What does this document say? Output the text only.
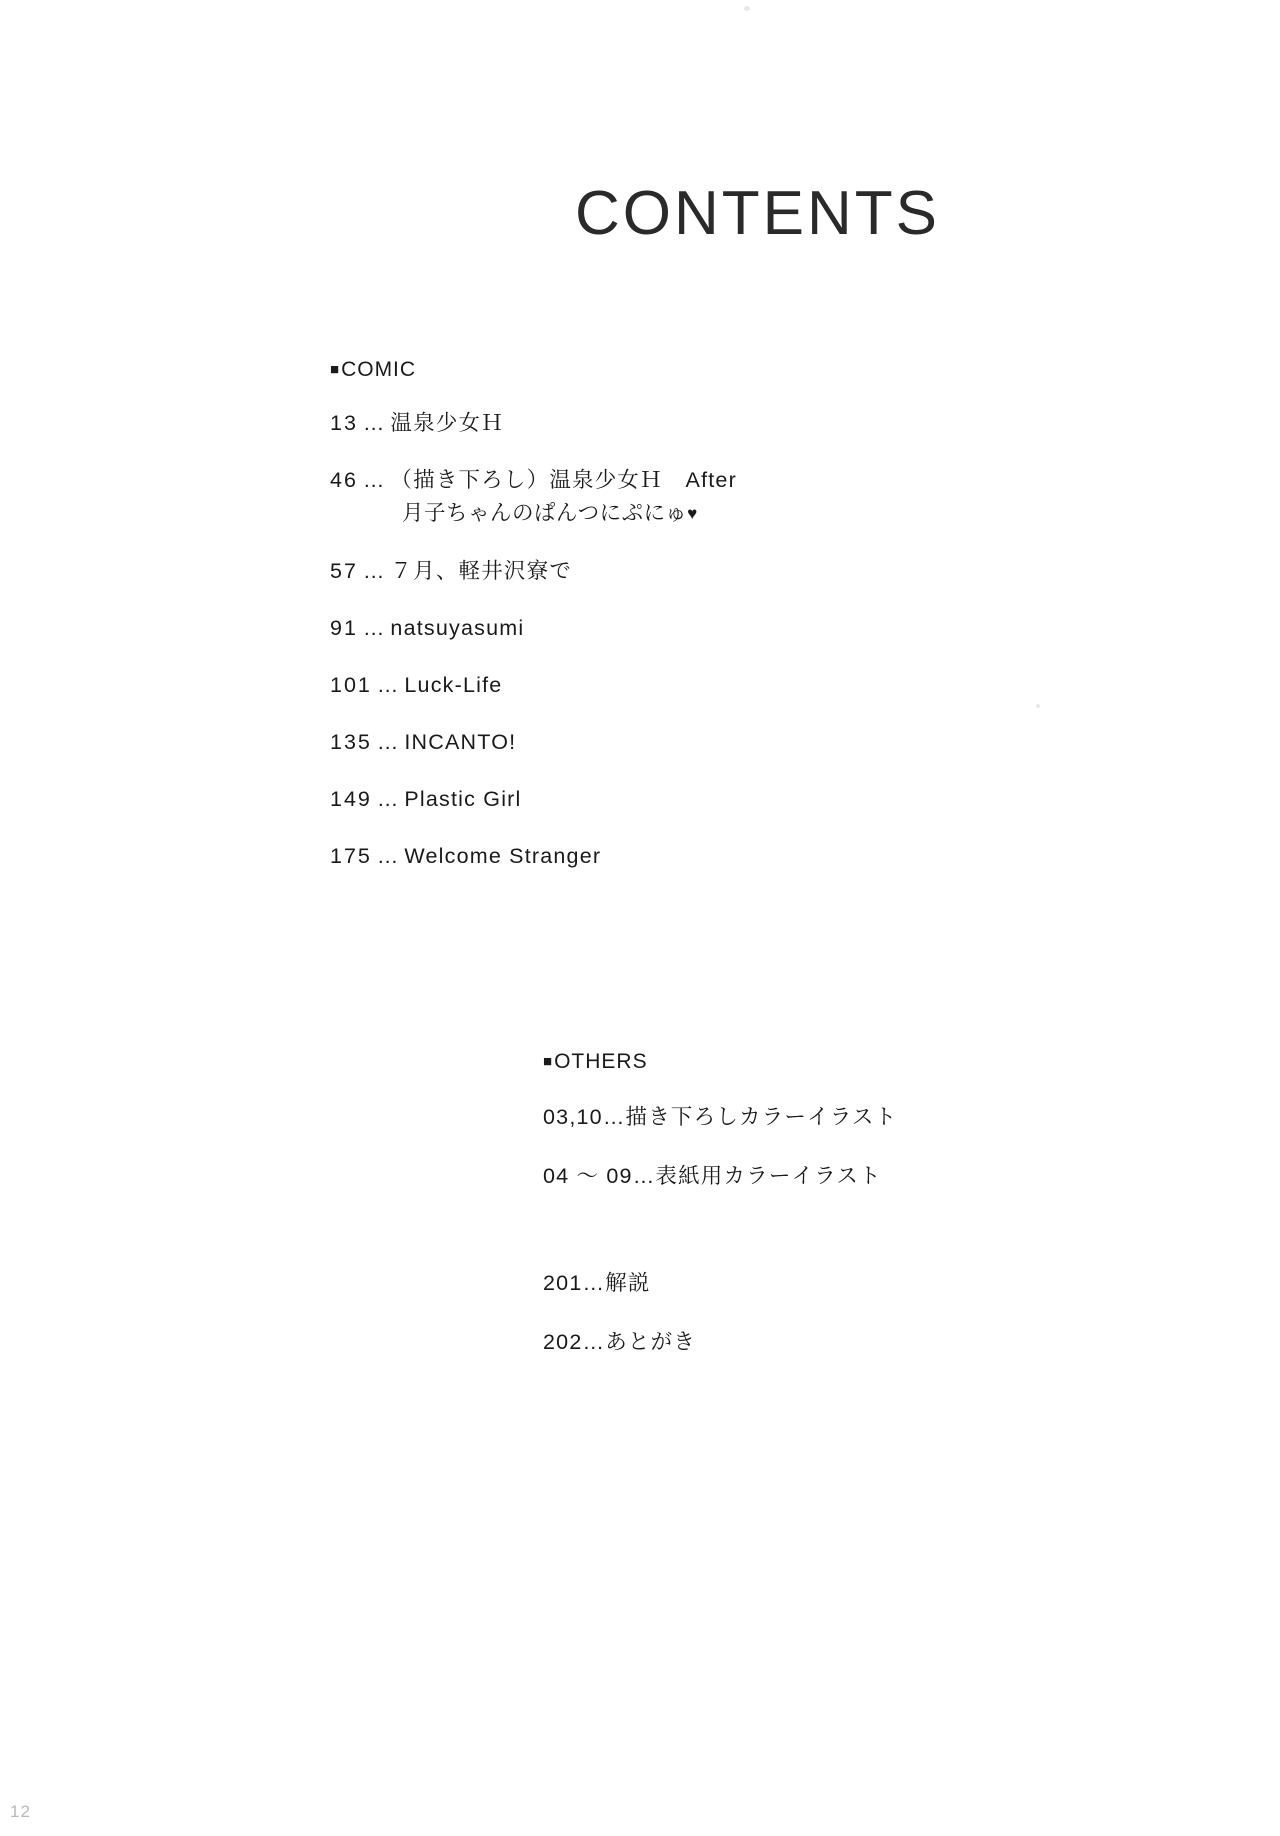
CONTENTS
■COMIC
13 … 温泉少女Ｈ
46 … （描き下ろし）温泉少女Ｈ　After
月子ちゃんのぱんつにぷにゅ♥
57 … ７月、軽井沢寮で
91 … natsuyasumi
101 … Luck-Life
135 … INCANTO!
149 … Plastic Girl
175 … Welcome Stranger
■OTHERS
03,10…描き下ろしカラーイラスト
04 ～ 09…表紙用カラーイラスト
201…解説
202…あとがき
12
